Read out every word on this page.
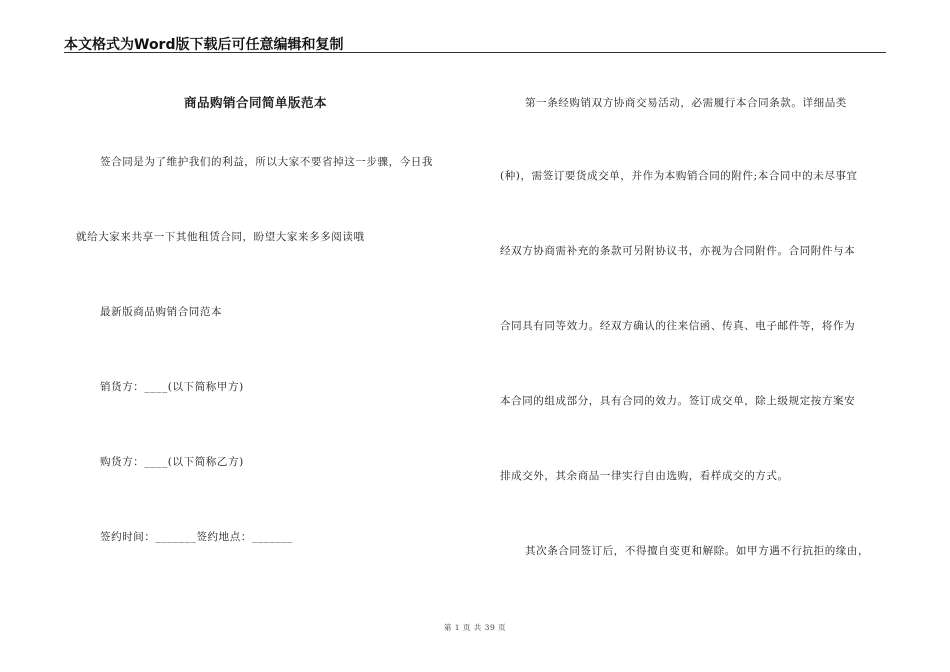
本文格式为Word版下载后可任意编辑和复制
商品购销合同简单版范本
签合同是为了维护我们的利益，所以大家不要省掉这一步骤，今日我
就给大家来共享一下其他租赁合同，盼望大家来多多阅读哦
最新版商品购销合同范本
销货方：____(以下简称甲方)
购货方：____(以下简称乙方)
签约时间：_______签约地点：_______
第一条经购销双方协商交易活动，必需履行本合同条款。详细品类
(种)，需签订要货成交单，并作为本购销合同的附件;本合同中的未尽事宜
经双方协商需补充的条款可另附协议书，亦视为合同附件。合同附件与本
合同具有同等效力。经双方确认的往来信函、传真、电子邮件等，将作为
本合同的组成部分，具有合同的效力。签订成交单，除上级规定按方案安
排成交外，其余商品一律实行自由选购，看样成交的方式。
其次条合同签订后，不得擅自变更和解除。如甲方遇不行抗拒的缘由，
第 1 页 共 39 页
